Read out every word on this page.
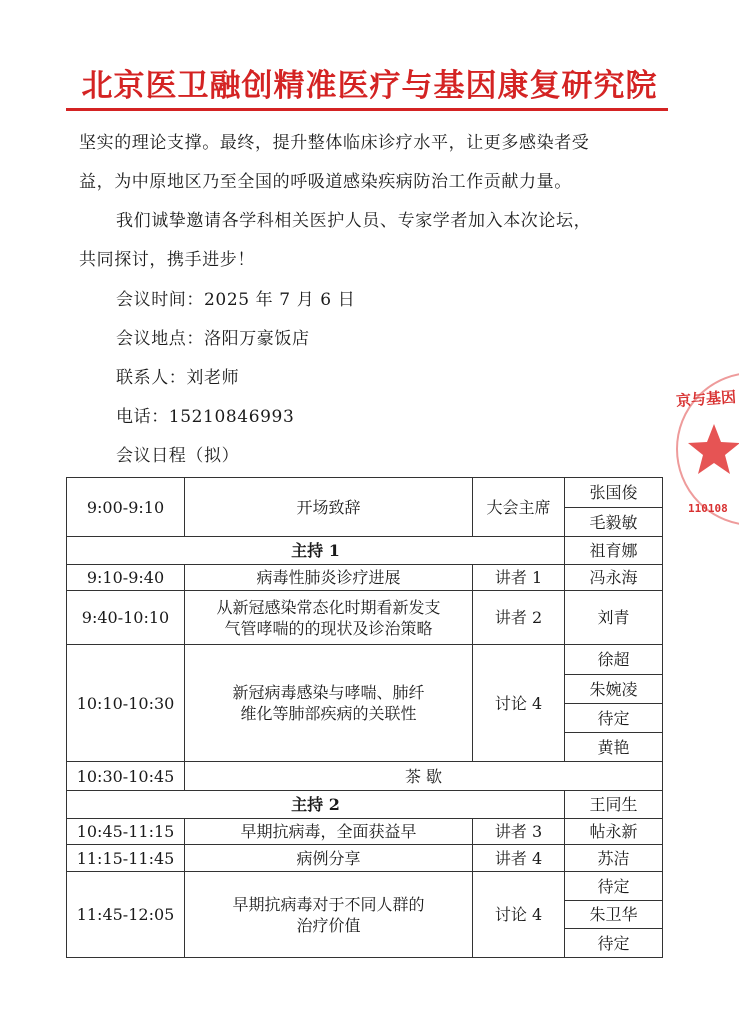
北京医卫融创精准医疗与基因康复研究院
坚实的理论支撑。最终，提升整体临床诊疗水平，让更多感染者受
益，为中原地区乃至全国的呼吸道感染疾病防治工作贡献力量。
我们诚挚邀请各学科相关医护人员、专家学者加入本次论坛，
共同探讨，携手进步！
会议时间：2025 年 7 月 6 日
会议地点：洛阳万豪饭店
联系人：刘老师
电话：15210846993
会议日程（拟）
京与基因
110108
9:00-9:10	开场致辞	大会主席	张国俊
			毛毅敏
主持 1			祖育娜
9:10-9:40	病毒性肺炎诊疗进展	讲者 1	冯永海
9:40-10:10	从新冠感染常态化时期看新发支
气管哮喘的的现状及诊治策略	讲者 2	刘青
10:10-10:30	新冠病毒感染与哮喘、肺纤
维化等肺部疾病的关联性	讨论 4	徐超
			朱婉凌
			待定
			黄艳
10:30-10:45	茶 歇		
主持 2			王同生
10:45-11:15	早期抗病毒，全面获益早	讲者 3	帖永新
11:15-11:45	病例分享	讲者 4	苏洁
11:45-12:05	早期抗病毒对于不同人群的
治疗价值	讨论 4	待定
			朱卫华
			待定
